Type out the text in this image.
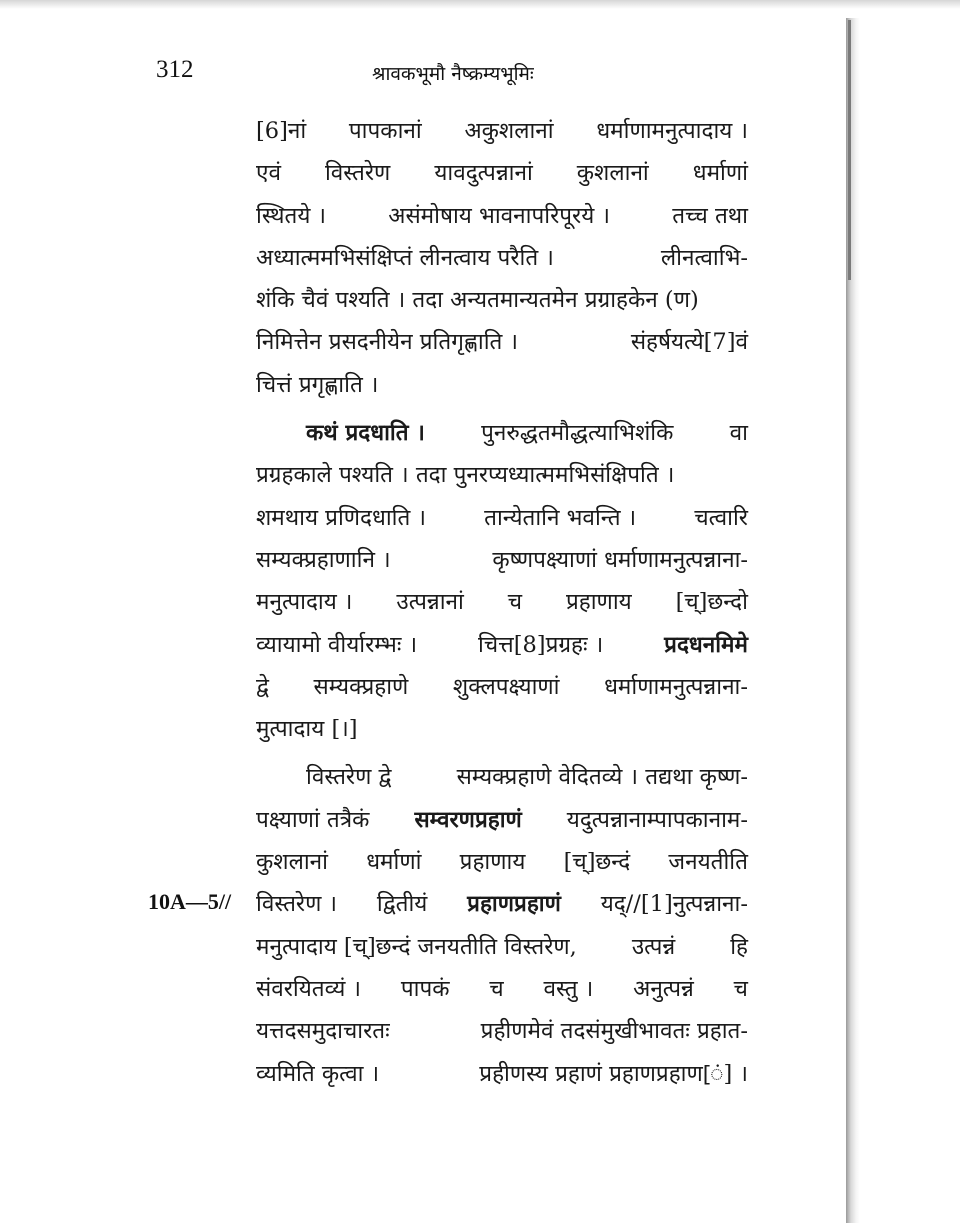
312	श्रावकभूमौ नैष्क्रम्यभूमिः
[6]नां पापकानां अकुशलानां धर्माणामनुत्पादाय ।
एवं विस्तरेण यावदुत्पन्नानां कुशलानां धर्माणां
स्थितये ।	असंमोषाय भावनापरिपूरये ।	तच्च तथा
अध्यात्ममभिसंक्षिप्तं लीनत्वाय परैति ।	लीनत्वाभि-
शंकि चैवं पश्यति । तदा अन्यतमान्यतमेन प्रग्राहकेन (ण)
निमित्तेन प्रसदनीयेन प्रतिगृह्णाति ।	संहर्षयत्ये[7]वं
चित्तं प्रगृह्णाति ।
कथं प्रदधाति । पुनरुद्धतमौद्धत्याभिशंकि वा
प्रग्रहकाले पश्यति । तदा पुनरप्यध्यात्ममभिसंक्षिपति ।
शमथाय प्रणिदधाति ।	तान्येतानि भवन्ति ।	चत्वारि
सम्यक्प्रहाणानि ।	कृष्णपक्ष्याणां धर्माणामनुत्पन्नाना-
मनुत्पादाय । उत्पन्नानां च प्रहाणाय [च्]छन्दो
व्यायामो वीर्यारम्भः ।	चित्त[8]प्रग्रहः ।	प्रदधनमिमे
द्वे सम्यक्प्रहाणे शुक्लपक्ष्याणां धर्माणामनुत्पन्नाना-
मुत्पादाय [।]
विस्तरेण द्वे	सम्यक्प्रहाणे वेदितव्ये । तद्यथा कृष्ण-
पक्ष्याणां तत्रैकं सम्वरणप्रहाणं यदुत्पन्नानाम्पापकानाम-
कुशलानां धर्माणां प्रहाणाय [च्]छन्दं जनयतीति
विस्तरेण । द्वितीयं प्रहाणप्रहाणं यद्//[1]नुत्पन्नाना-
मनुत्पादाय [च्]छन्दं जनयतीति विस्तरेण, उत्पन्नं हि
संवरयितव्यं । पापकं च वस्तु । अनुत्पन्नं च
यत्तदसमुदाचारतः	प्रहीणमेवं तदसंमुखीभावतः प्रहात-
व्यमिति कृत्वा ।	प्रहीणस्य प्रहाणं प्रहाणप्रहाण[ं] ।
10A—5//
